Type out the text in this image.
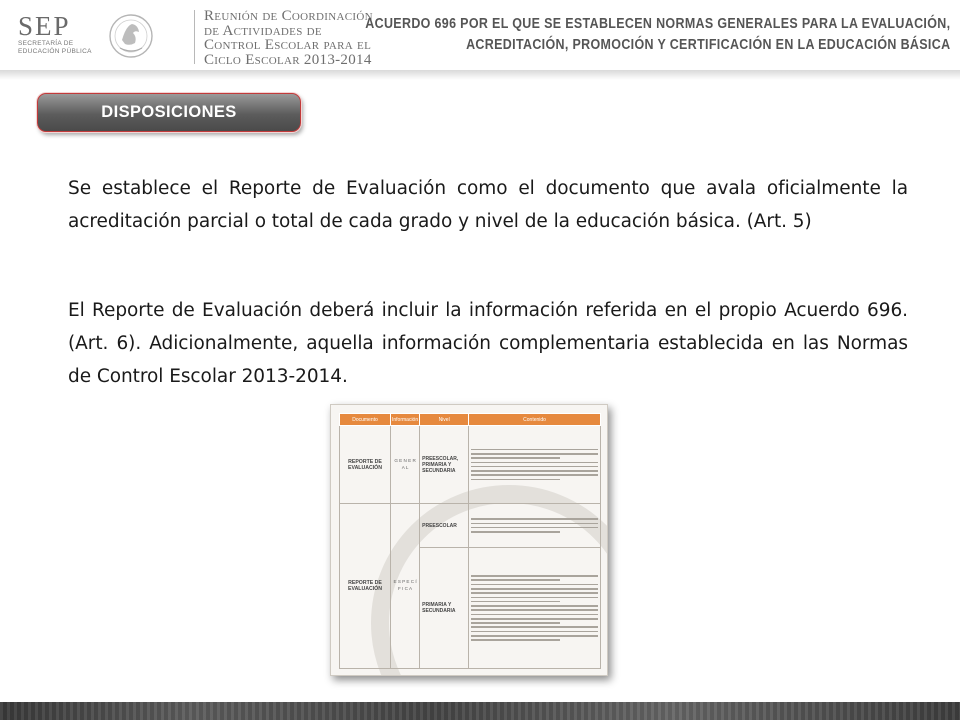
SEP
SECRETARÍA DE
EDUCACIÓN PÚBLICA
Reunión de Coordinación
de Actividades de
Control Escolar para el
Ciclo Escolar 2013-2014
ACUERDO 696 POR EL QUE SE ESTABLECEN NORMAS GENERALES PARA LA EVALUACIÓN,
ACREDITACIÓN, PROMOCIÓN Y CERTIFICACIÓN EN LA EDUCACIÓN BÁSICA
DISPOSICIONES
Se establece el Reporte de Evaluación como el documento que avala oficialmente la acreditación parcial o total de cada grado y nivel de la educación básica. (Art. 5)
El Reporte de Evaluación deberá incluir la información referida en el propio Acuerdo 696. (Art. 6). Adicionalmente, aquella información complementaria establecida en las Normas de Control Escolar 2013-2014.
Documento	Información	Nivel	Contenido
REPORTE DE EVALUACIÓN	G E N E R A L	PREESCOLAR, PRIMARIA Y SECUNDARIA	

REPORTE DE EVALUACIÓN	E S P E C Í F I C A	PREESCOLAR	

		PRIMARIA Y SECUNDARIA	
